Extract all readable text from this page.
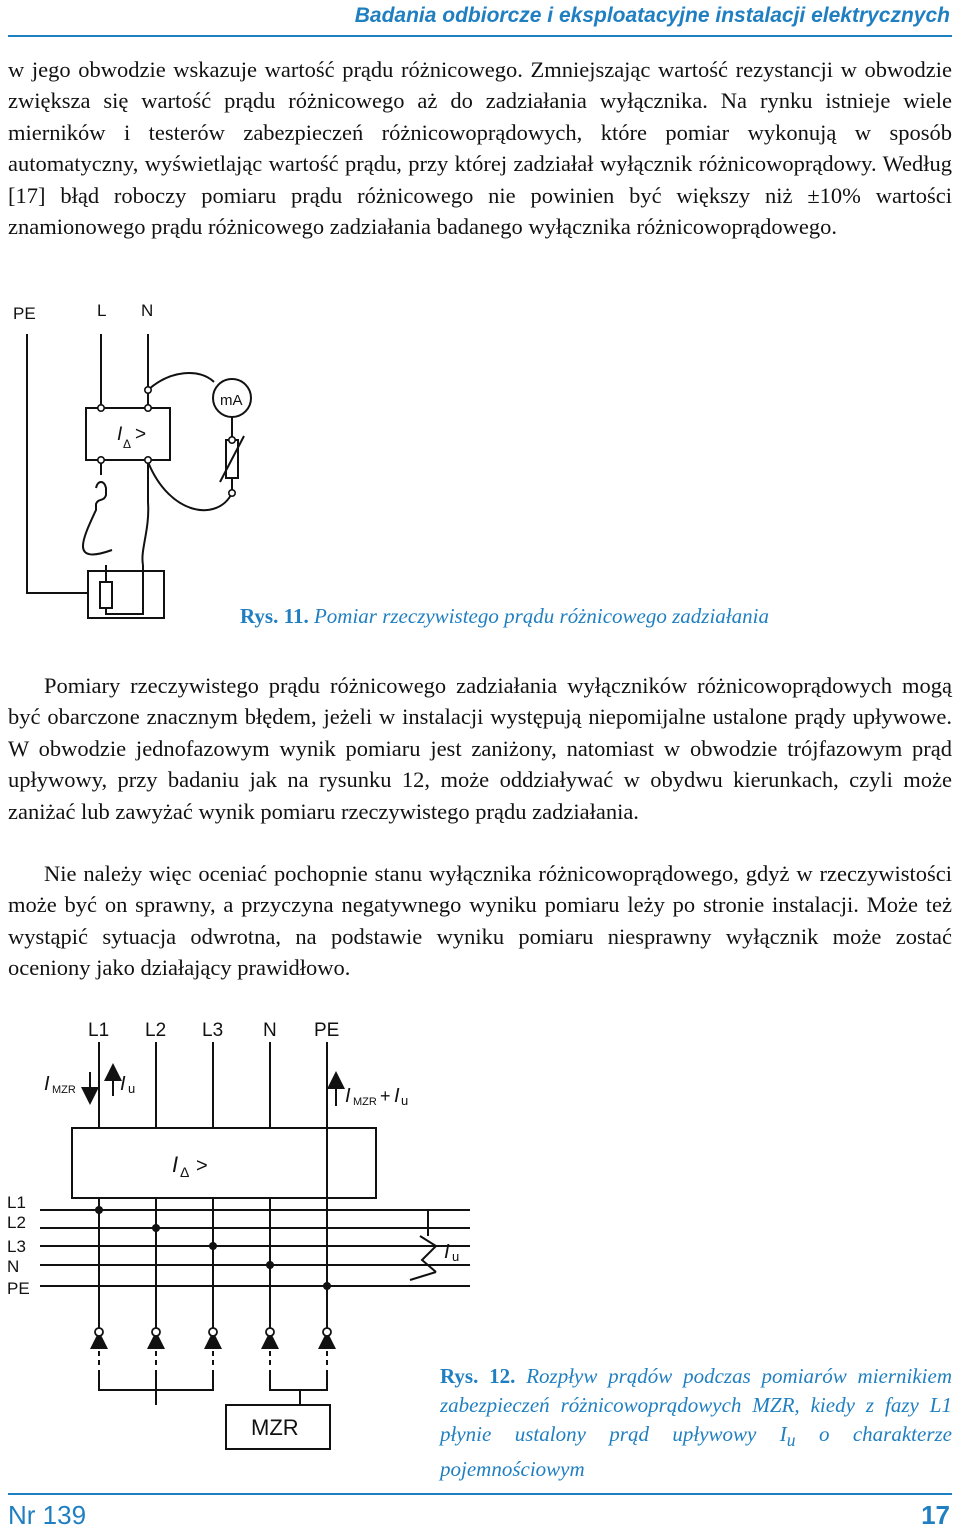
Badania odbiorcze i eksploatacyjne instalacji elektrycznych

w jego obwodzie wskazuje wartość prądu różnicowego. Zmniejszając wartość rezystancji w obwodzie zwiększa się wartość prądu różnicowego aż do zadziałania wyłącznika. Na rynku istnieje wiele mierników i testerów zabezpieczeń różnicowoprądowych, które pomiar wykonują w sposób automatyczny, wyświetlając wartość prądu, przy której zadziałał wyłącznik różnicowoprądowy. Według [17] błąd roboczy pomiaru prądu różnicowego nie powinien być większy niż ±10% wartości znamionowego prądu różnicowego zadziałania badanego wyłącznika różnicowoprądowego.

PE	L N
mA
I Δ >

Rys. 11. Pomiar rzeczywistego prądu różnicowego zadziałania

Pomiary rzeczywistego prądu różnicowego zadziałania wyłączników różnicowoprądowych mogą być obarczone znacznym błędem, jeżeli w instalacji występują niepomijalne ustalone prądy upływowe. W obwodzie jednofazowym wynik pomiaru jest zaniżony, natomiast w obwodzie trójfazowym prąd upływowy, przy badaniu jak na rysunku 12, może oddziaływać w obydwu kierunkach, czyli może zaniżać lub zawyżać wynik pomiaru rzeczywistego prądu zadziałania.

Nie należy więc oceniać pochopnie stanu wyłącznika różnicowoprądowego, gdyż w rzeczywistości może być on sprawny, a przyczyna negatywnego wyniku pomiaru leży po stronie instalacji. Może też wystąpić sytuacja odwrotna, na podstawie wyniku pomiaru niesprawny wyłącznik może zostać oceniony jako działający prawidłowo.

L1 L2 L3 N PE
I MZR I u	I MZR + I u
I Δ >
L1
L2
L3
N
PE
I u
MZR

Rys. 12. Rozpływ prądów podczas pomiarów miernikiem zabezpieczeń różnicowoprądowych MZR, kiedy z fazy L1 płynie ustalony prąd upływowy $I_u$ o charakterze pojemnościowym

Nr 139	17
